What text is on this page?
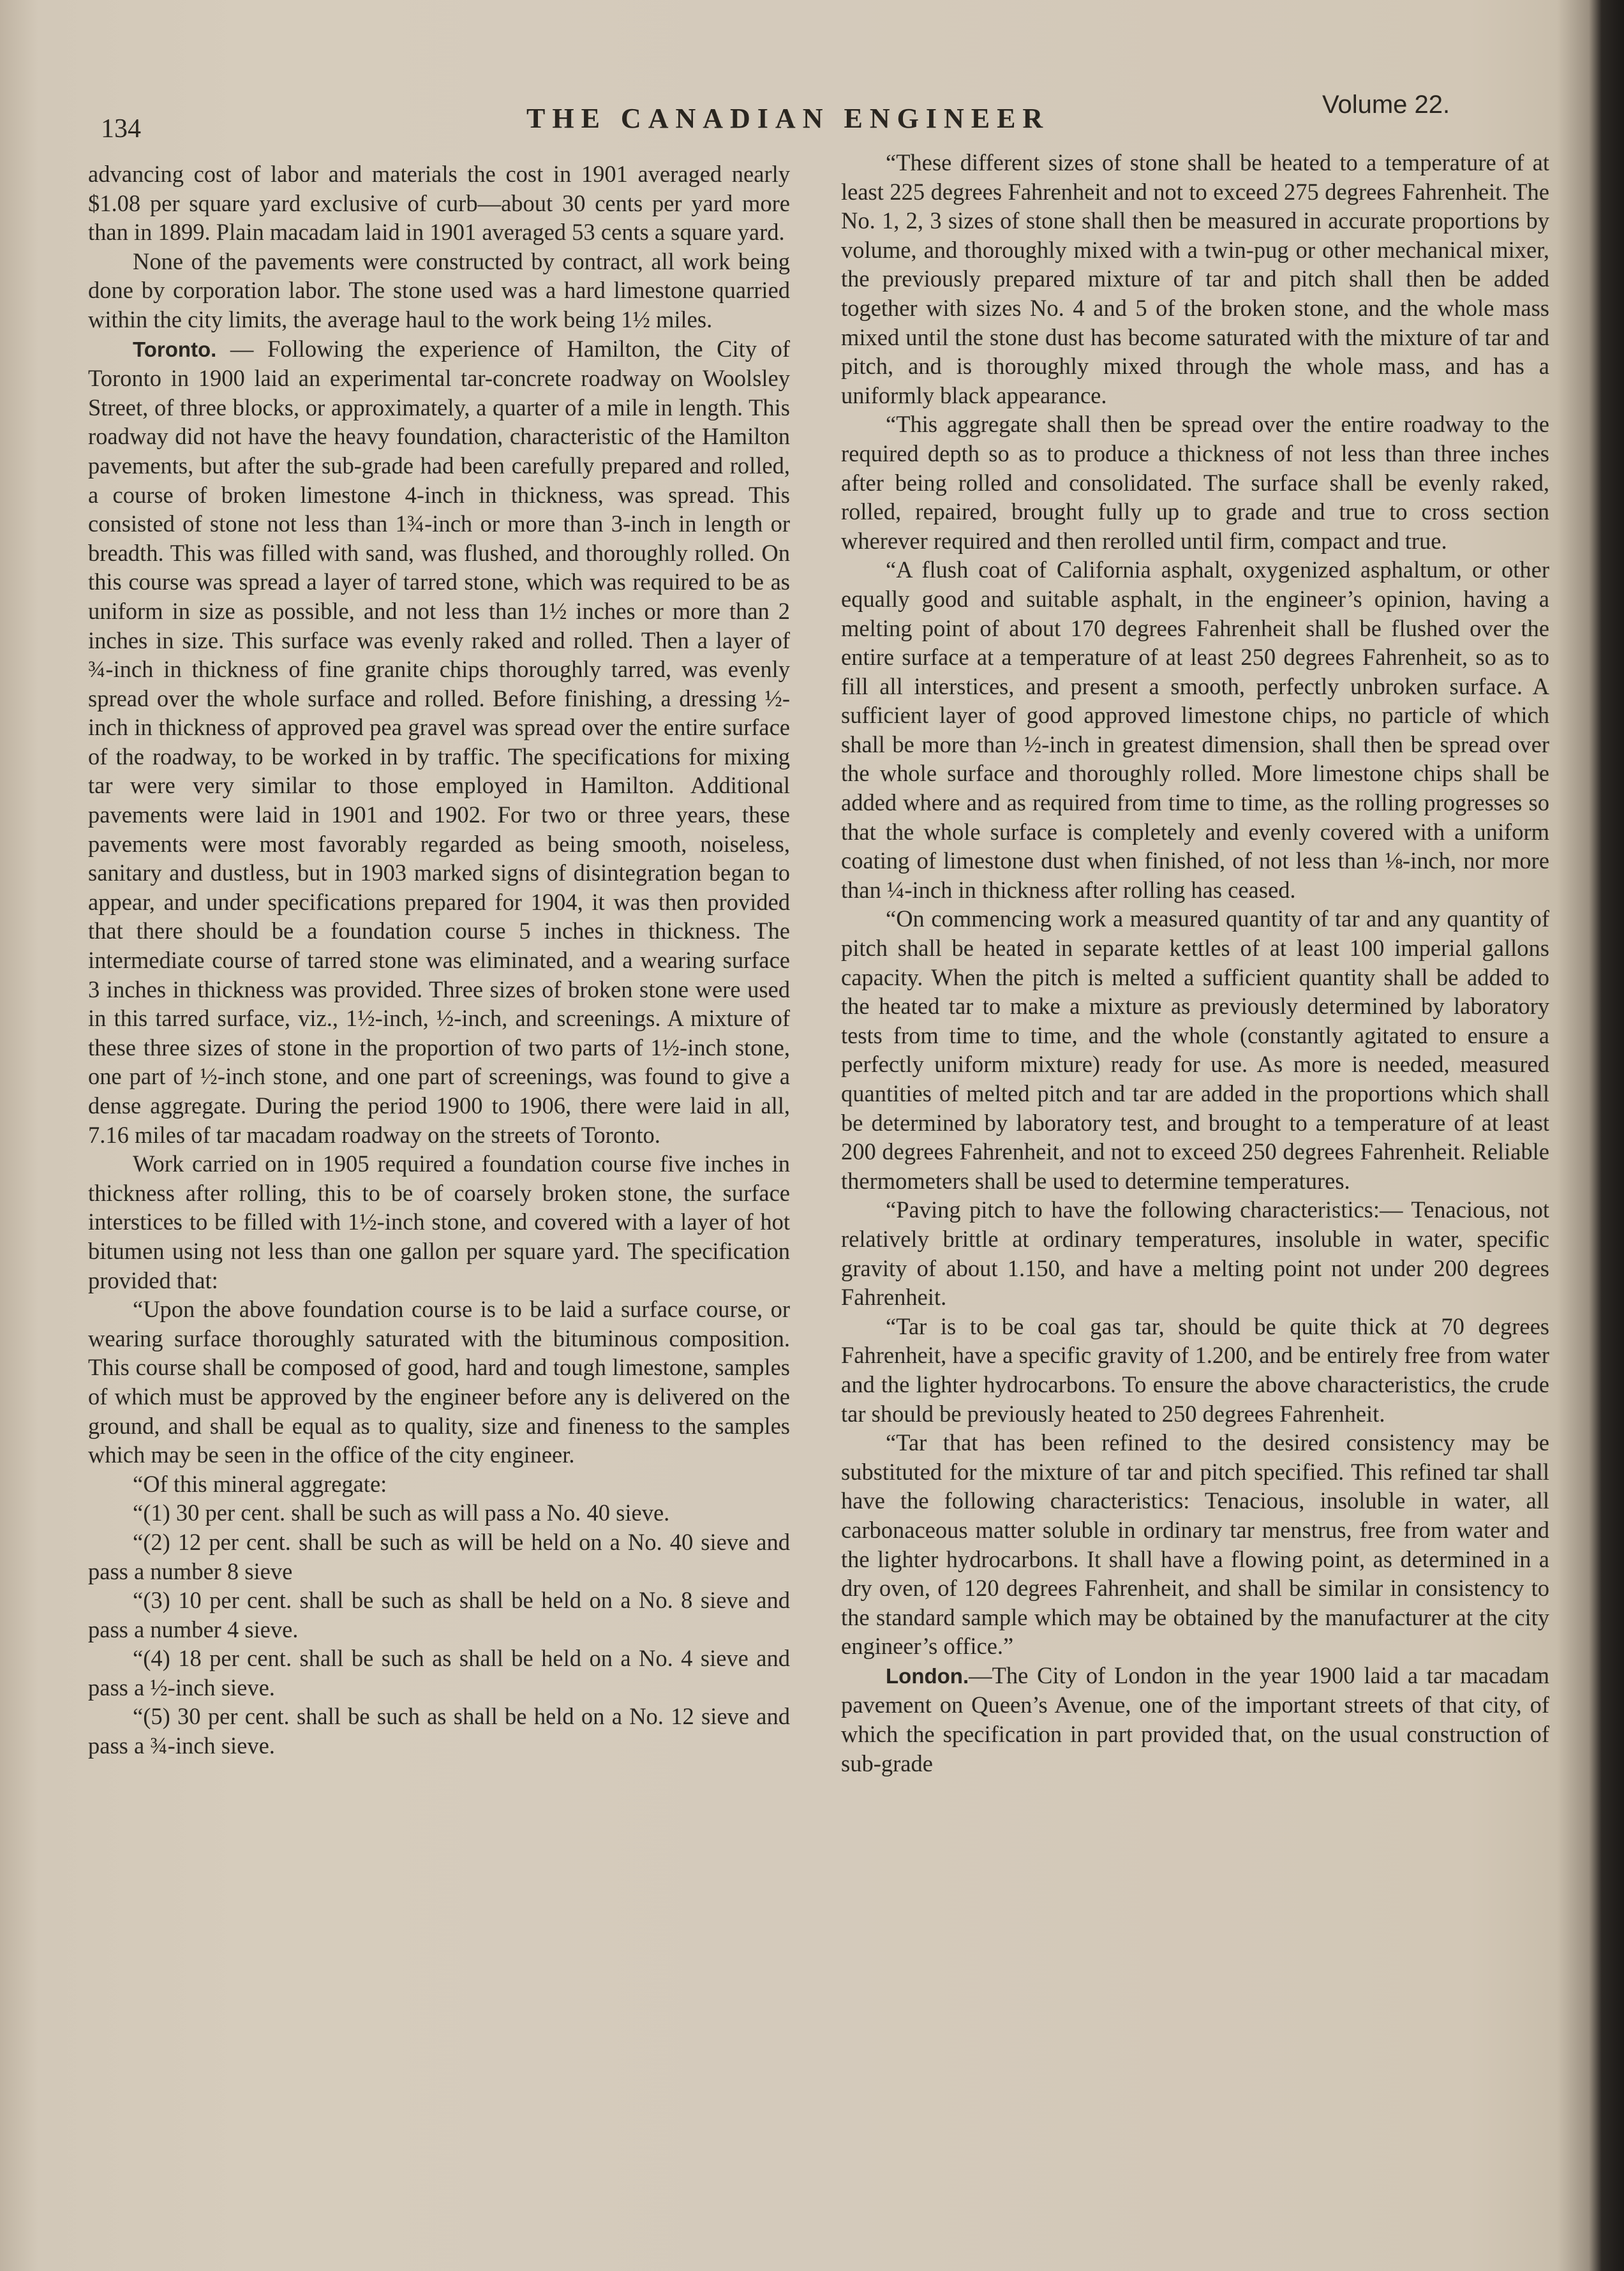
134	THE CANADIAN ENGINEER	Volume 22.

advancing cost of labor and materials the cost in 1901 averaged nearly $1.08 per square yard exclusive of curb—about 30 cents per yard more than in 1899. Plain macadam laid in 1901 averaged 53 cents a square yard.

None of the pavements were constructed by contract, all work being done by corporation labor. The stone used was a hard limestone quarried within the city limits, the average haul to the work being 1½ miles.

Toronto. — Following the experience of Hamilton, the City of Toronto in 1900 laid an experimental tar-concrete roadway on Woolsley Street, of three blocks, or approximately, a quarter of a mile in length. This roadway did not have the heavy foundation, characteristic of the Hamilton pavements, but after the sub-grade had been carefully prepared and rolled, a course of broken limestone 4-inch in thickness, was spread. This consisted of stone not less than 1¾-inch or more than 3-inch in length or breadth. This was filled with sand, was flushed, and thoroughly rolled. On this course was spread a layer of tarred stone, which was required to be as uniform in size as possible, and not less than 1½ inches or more than 2 inches in size. This surface was evenly raked and rolled. Then a layer of ¾-inch in thickness of fine granite chips thoroughly tarred, was evenly spread over the whole surface and rolled. Before finishing, a dressing ½-inch in thickness of approved pea gravel was spread over the entire surface of the roadway, to be worked in by traffic. The specifications for mixing tar were very similar to those employed in Hamilton. Additional pavements were laid in 1901 and 1902. For two or three years, these pavements were most favorably regarded as being smooth, noiseless, sanitary and dustless, but in 1903 marked signs of disintegration began to appear, and under specifications prepared for 1904, it was then provided that there should be a foundation course 5 inches in thickness. The intermediate course of tarred stone was eliminated, and a wearing surface 3 inches in thickness was provided. Three sizes of broken stone were used in this tarred surface, viz., 1½-inch, ½-inch, and screenings. A mixture of these three sizes of stone in the proportion of two parts of 1½-inch stone, one part of ½-inch stone, and one part of screenings, was found to give a dense aggregate. During the period 1900 to 1906, there were laid in all, 7.16 miles of tar macadam roadway on the streets of Toronto.

Work carried on in 1905 required a foundation course five inches in thickness after rolling, this to be of coarsely broken stone, the surface interstices to be filled with 1½-inch stone, and covered with a layer of hot bitumen using not less than one gallon per square yard. The specification provided that:

“Upon the above foundation course is to be laid a surface course, or wearing surface thoroughly saturated with the bituminous composition. This course shall be composed of good, hard and tough limestone, samples of which must be approved by the engineer before any is delivered on the ground, and shall be equal as to quality, size and fineness to the samples which may be seen in the office of the city engineer.

“Of this mineral aggregate:

“(1) 30 per cent. shall be such as will pass a No. 40 sieve.

“(2) 12 per cent. shall be such as will be held on a No. 40 sieve and pass a number 8 sieve

“(3) 10 per cent. shall be such as shall be held on a No. 8 sieve and pass a number 4 sieve.

“(4) 18 per cent. shall be such as shall be held on a No. 4 sieve and pass a ½-inch sieve.

“(5) 30 per cent. shall be such as shall be held on a No. 12 sieve and pass a ¾-inch sieve.

“These different sizes of stone shall be heated to a temperature of at least 225 degrees Fahrenheit and not to exceed 275 degrees Fahrenheit. The No. 1, 2, 3 sizes of stone shall then be measured in accurate proportions by volume, and thoroughly mixed with a twin-pug or other mechanical mixer, the previously prepared mixture of tar and pitch shall then be added together with sizes No. 4 and 5 of the broken stone, and the whole mass mixed until the stone dust has become saturated with the mixture of tar and pitch, and is thoroughly mixed through the whole mass, and has a uniformly black appearance.

“This aggregate shall then be spread over the entire roadway to the required depth so as to produce a thickness of not less than three inches after being rolled and consolidated. The surface shall be evenly raked, rolled, repaired, brought fully up to grade and true to cross section wherever required and then rerolled until firm, compact and true.

“A flush coat of California asphalt, oxygenized asphaltum, or other equally good and suitable asphalt, in the engineer’s opinion, having a melting point of about 170 degrees Fahrenheit shall be flushed over the entire surface at a temperature of at least 250 degrees Fahrenheit, so as to fill all interstices, and present a smooth, perfectly unbroken surface. A sufficient layer of good approved limestone chips, no particle of which shall be more than ½-inch in greatest dimension, shall then be spread over the whole surface and thoroughly rolled. More limestone chips shall be added where and as required from time to time, as the rolling progresses so that the whole surface is completely and evenly covered with a uniform coating of limestone dust when finished, of not less than ⅛-inch, nor more than ¼-inch in thickness after rolling has ceased.

“On commencing work a measured quantity of tar and any quantity of pitch shall be heated in separate kettles of at least 100 imperial gallons capacity. When the pitch is melted a sufficient quantity shall be added to the heated tar to make a mixture as previously determined by laboratory tests from time to time, and the whole (constantly agitated to ensure a perfectly uniform mixture) ready for use. As more is needed, measured quantities of melted pitch and tar are added in the proportions which shall be determined by laboratory test, and brought to a temperature of at least 200 degrees Fahrenheit, and not to exceed 250 degrees Fahrenheit. Reliable thermometers shall be used to determine temperatures.

“Paving pitch to have the following characteristics:— Tenacious, not relatively brittle at ordinary temperatures, insoluble in water, specific gravity of about 1.150, and have a melting point not under 200 degrees Fahrenheit.

“Tar is to be coal gas tar, should be quite thick at 70 degrees Fahrenheit, have a specific gravity of 1.200, and be entirely free from water and the lighter hydrocarbons. To ensure the above characteristics, the crude tar should be previously heated to 250 degrees Fahrenheit.

“Tar that has been refined to the desired consistency may be substituted for the mixture of tar and pitch specified. This refined tar shall have the following characteristics: Tenacious, insoluble in water, all carbonaceous matter soluble in ordinary tar menstrus, free from water and the lighter hydrocarbons. It shall have a flowing point, as determined in a dry oven, of 120 degrees Fahrenheit, and shall be similar in consistency to the standard sample which may be obtained by the manufacturer at the city engineer’s office.”

London.—The City of London in the year 1900 laid a tar macadam pavement on Queen’s Avenue, one of the important streets of that city, of which the specification in part provided that, on the usual construction of sub-grade
